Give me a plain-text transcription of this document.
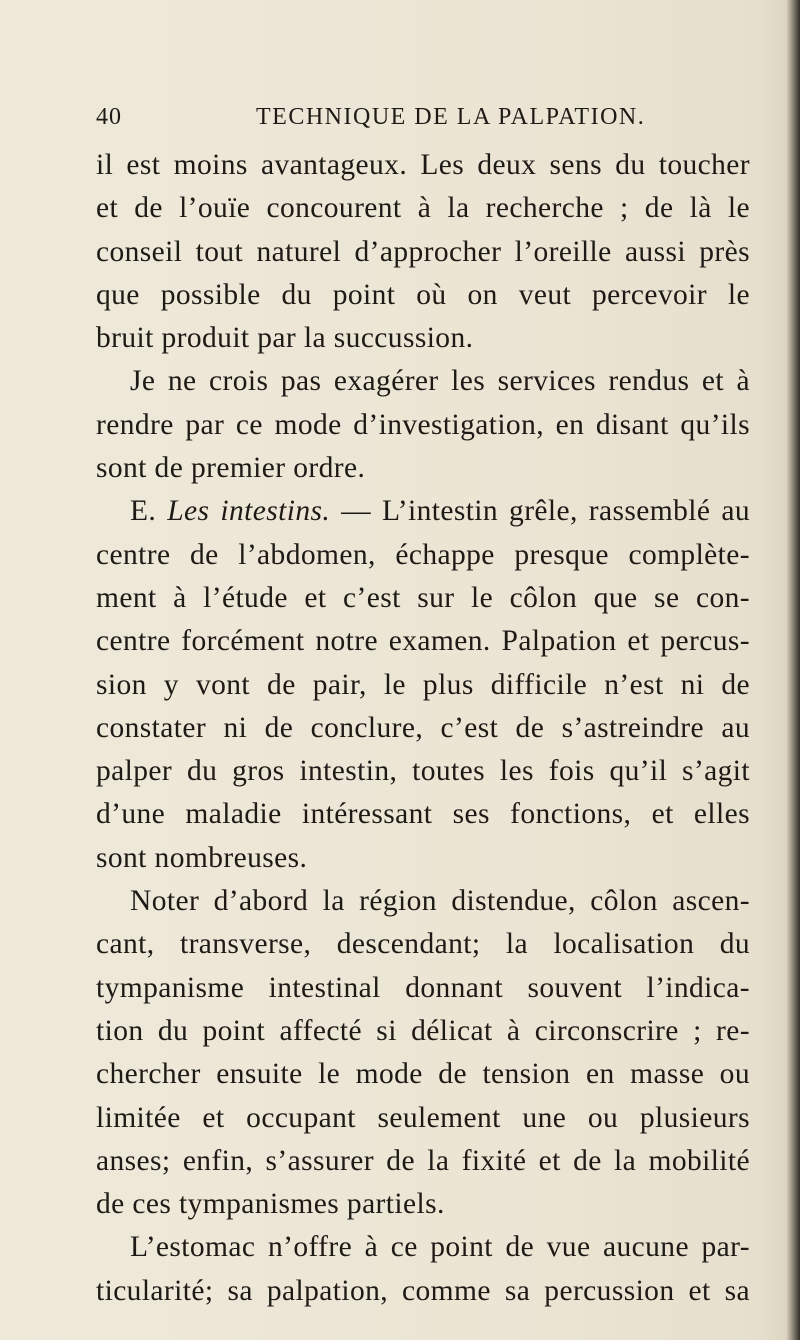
40	TECHNIQUE DE LA PALPATION.
il est moins avantageux. Les deux sens du toucher
et de l’ouïe concourent à la recherche ; de là le
conseil tout naturel d’approcher l’oreille aussi près
que possible du point où on veut percevoir le
bruit produit par la succussion.
Je ne crois pas exagérer les services rendus et à
rendre par ce mode d’investigation, en disant qu’ils
sont de premier ordre.
E. Les intestins. — L’intestin grêle, rassemblé au
centre de l’abdomen, échappe presque complète-
ment à l’étude et c’est sur le côlon que se con-
centre forcément notre examen. Palpation et percus-
sion y vont de pair, le plus difficile n’est ni de
constater ni de conclure, c’est de s’astreindre au
palper du gros intestin, toutes les fois qu’il s’agit
d’une maladie intéressant ses fonctions, et elles
sont nombreuses.
Noter d’abord la région distendue, côlon ascen-
cant, transverse, descendant; la localisation du
tympanisme intestinal donnant souvent l’indica-
tion du point affecté si délicat à circonscrire ; re-
chercher ensuite le mode de tension en masse ou
limitée et occupant seulement une ou plusieurs
anses; enfin, s’assurer de la fixité et de la mobilité
de ces tympanismes partiels.
L’estomac n’offre à ce point de vue aucune par-
ticularité; sa palpation, comme sa percussion et sa
